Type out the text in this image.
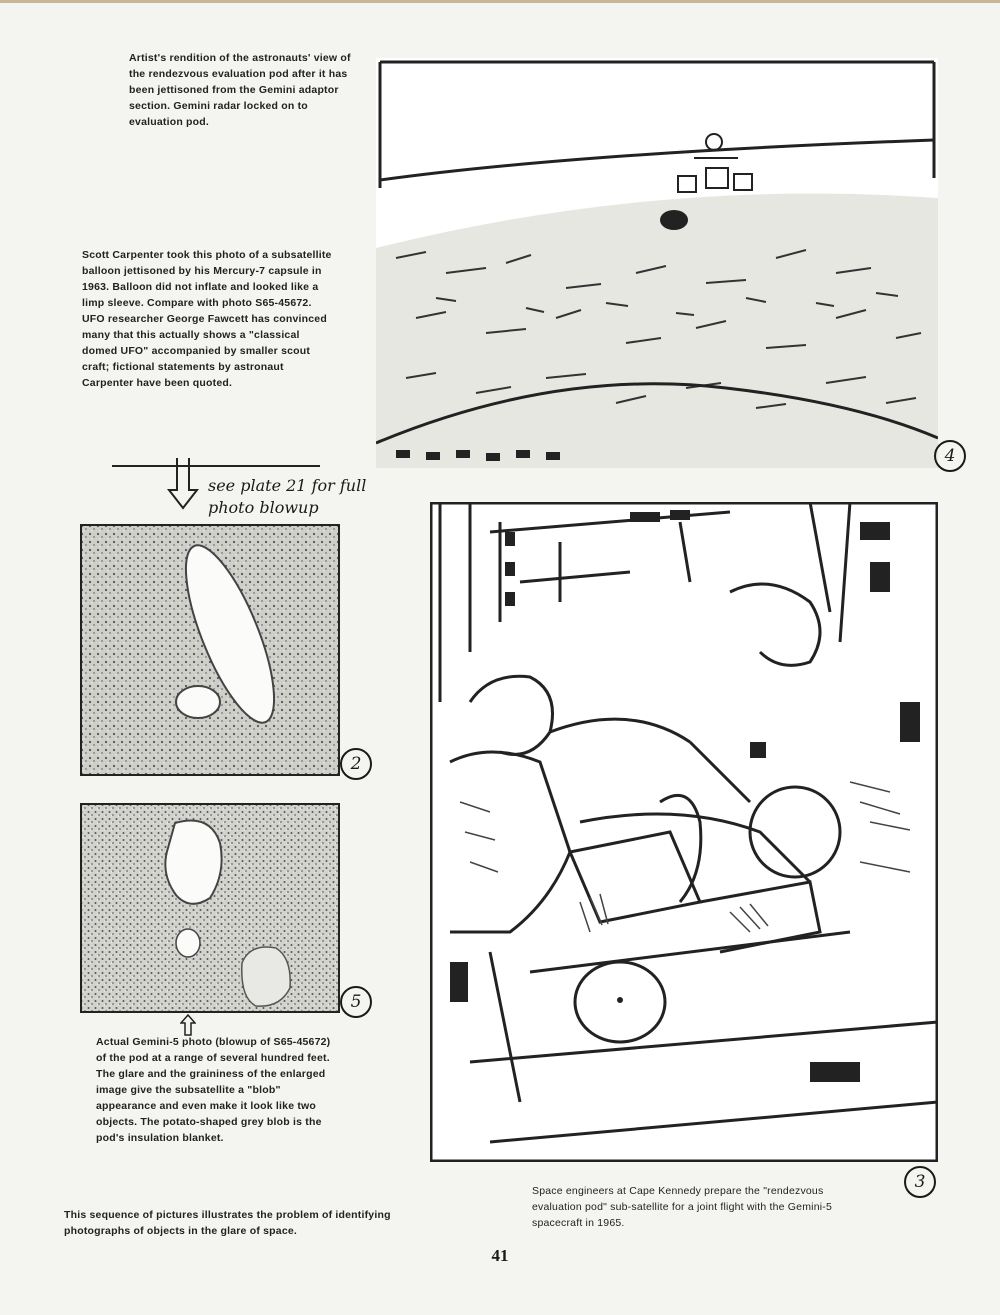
Artist's rendition of the astronauts' view of the rendezvous evaluation pod after it has been jettisoned from the Gemini adaptor section. Gemini radar locked on to evaluation pod.
Scott Carpenter took this photo of a subsatellite balloon jettisoned by his Mercury-7 capsule in 1963. Balloon did not inflate and looked like a limp sleeve. Compare with photo S65-45672. UFO researcher George Fawcett has convinced many that this actually shows a "classical domed UFO" accompanied by smaller scout craft; fictional statements by astronaut Carpenter have been quoted.
4
see plate 21 for full photo blowup
2
5
Actual Gemini-5 photo (blowup of S65-45672) of the pod at a range of several hundred feet. The glare and the graininess of the enlarged image give the subsatellite a "blob" appearance and even make it look like two objects. The potato-shaped grey blob is the pod's insulation blanket.
This sequence of pictures illustrates the problem of identifying photographs of objects in the glare of space.
3
Space engineers at Cape Kennedy prepare the "rendezvous evaluation pod" sub-satellite for a joint flight with the Gemini-5 spacecraft in 1965.
41
